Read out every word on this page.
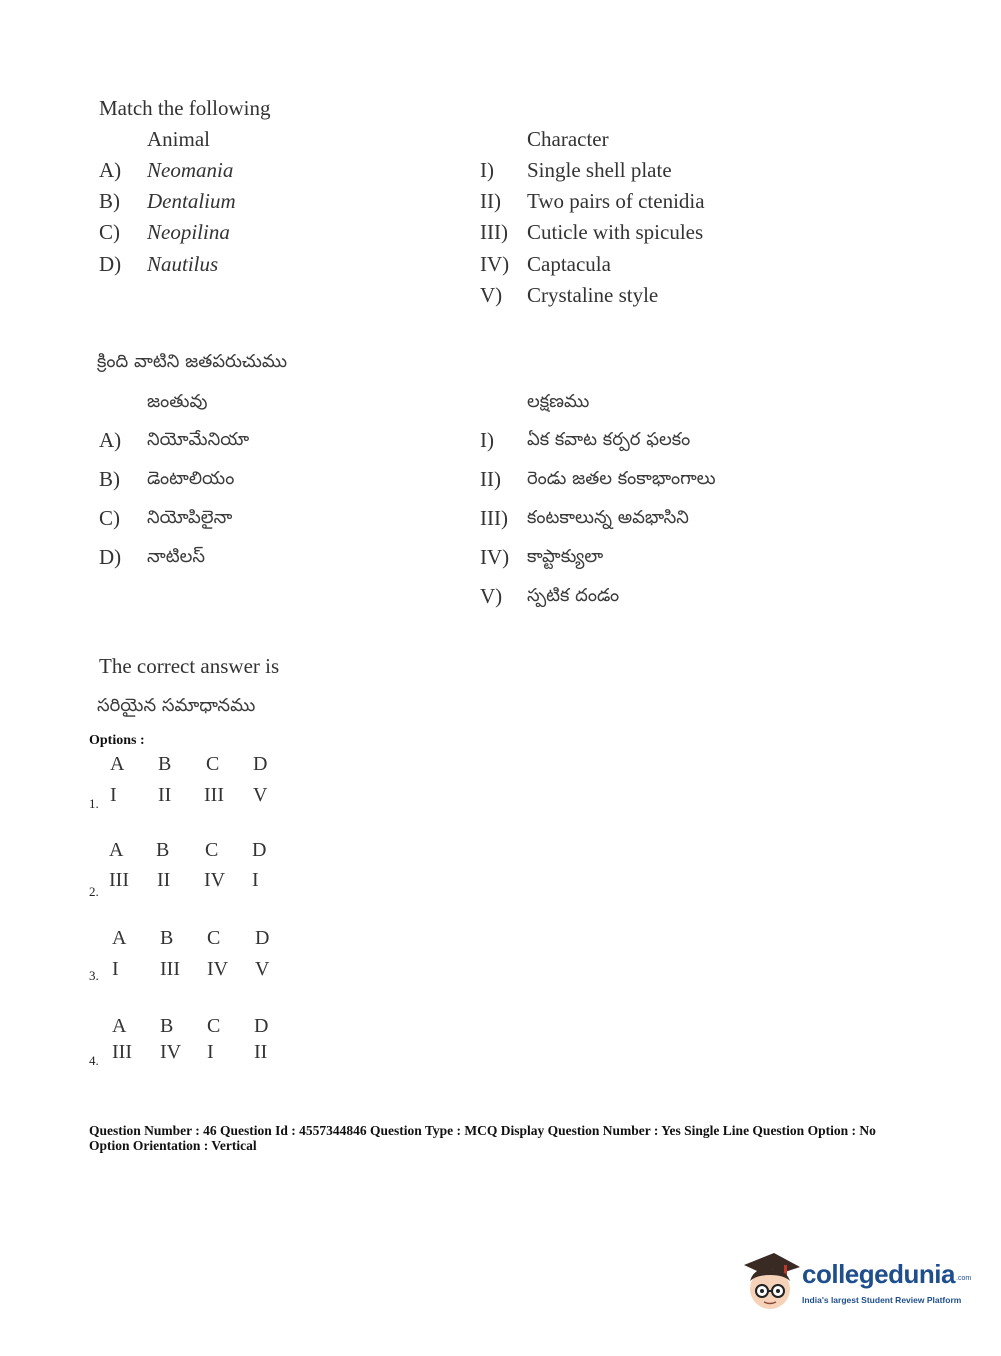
Match the following
Animal	Character
A) Neomania
B) Dentalium
C) Neopilina
D) Nautilus
I) Single shell plate
II) Two pairs of ctenidia
III) Cuticle with spicules
IV) Captacula
V) Crystaline style
క్రింది వాటిని జతపరుచుము
జంతువు	లక్షణము
A) నియోమేనియా
B) డెంటాలియం
C) నియోపిలైనా
D) నాటిలస్
I) ఏక కవాట కర్పర ఫలకం
II) రెండు జతల కంకాభాంగాలు
III) కంటకాలున్న అవభాసిని
IV) కాప్టాక్యులా
V) స్పటిక దండం
The correct answer is
సరియైన సమాధానము
Options :
A B C D
1. I II III V
A B C D
2.
III II IV I
A B C D
3. I III IV V
A B C D
4. III IV I II
Question Number : 46 Question Id : 4557344846 Question Type : MCQ Display Question Number : Yes Single Line Question Option : No Option Orientation : Vertical
collegedunia .com
India's largest Student Review Platform
